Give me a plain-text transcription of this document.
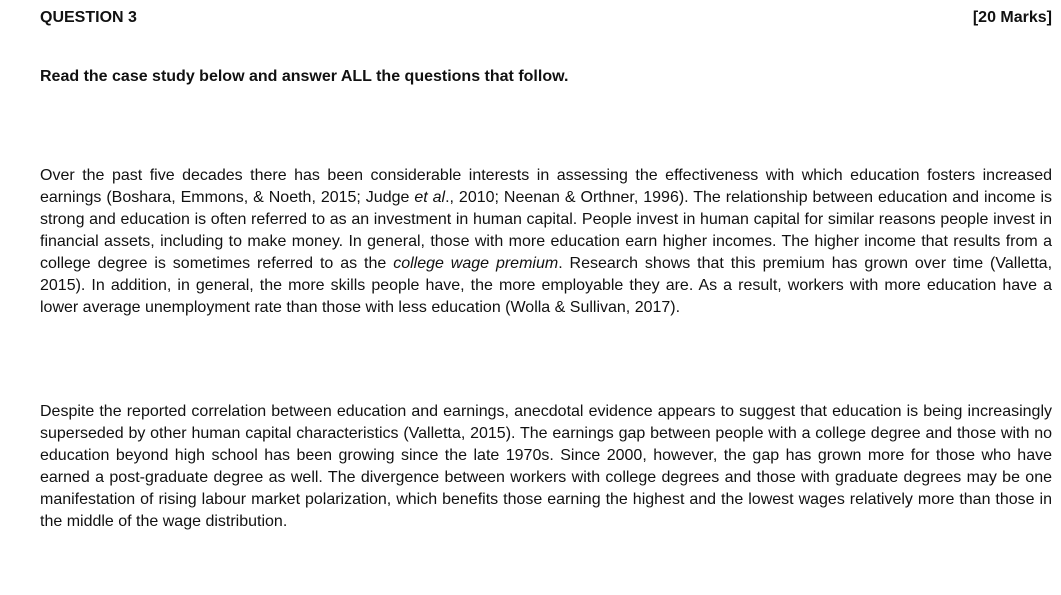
QUESTION 3	[20 Marks]

Read the case study below and answer ALL the questions that follow.

Over the past five decades there has been considerable interests in assessing the effectiveness with which education fosters increased earnings (Boshara, Emmons, & Noeth, 2015; Judge et al., 2010; Neenan & Orthner, 1996). The relationship between education and income is strong and education is often referred to as an investment in human capital. People invest in human capital for similar reasons people invest in financial assets, including to make money. In general, those with more education earn higher incomes. The higher income that results from a college degree is sometimes referred to as the college wage premium. Research shows that this premium has grown over time (Valletta, 2015). In addition, in general, the more skills people have, the more employable they are. As a result, workers with more education have a lower average unemployment rate than those with less education (Wolla & Sullivan, 2017).

Despite the reported correlation between education and earnings, anecdotal evidence appears to suggest that education is being increasingly superseded by other human capital characteristics (Valletta, 2015). The earnings gap between people with a college degree and those with no education beyond high school has been growing since the late 1970s. Since 2000, however, the gap has grown more for those who have earned a post-graduate degree as well. The divergence between workers with college degrees and those with graduate degrees may be one manifestation of rising labour market polarization, which benefits those earning the highest and the lowest wages relatively more than those in the middle of the wage distribution.
